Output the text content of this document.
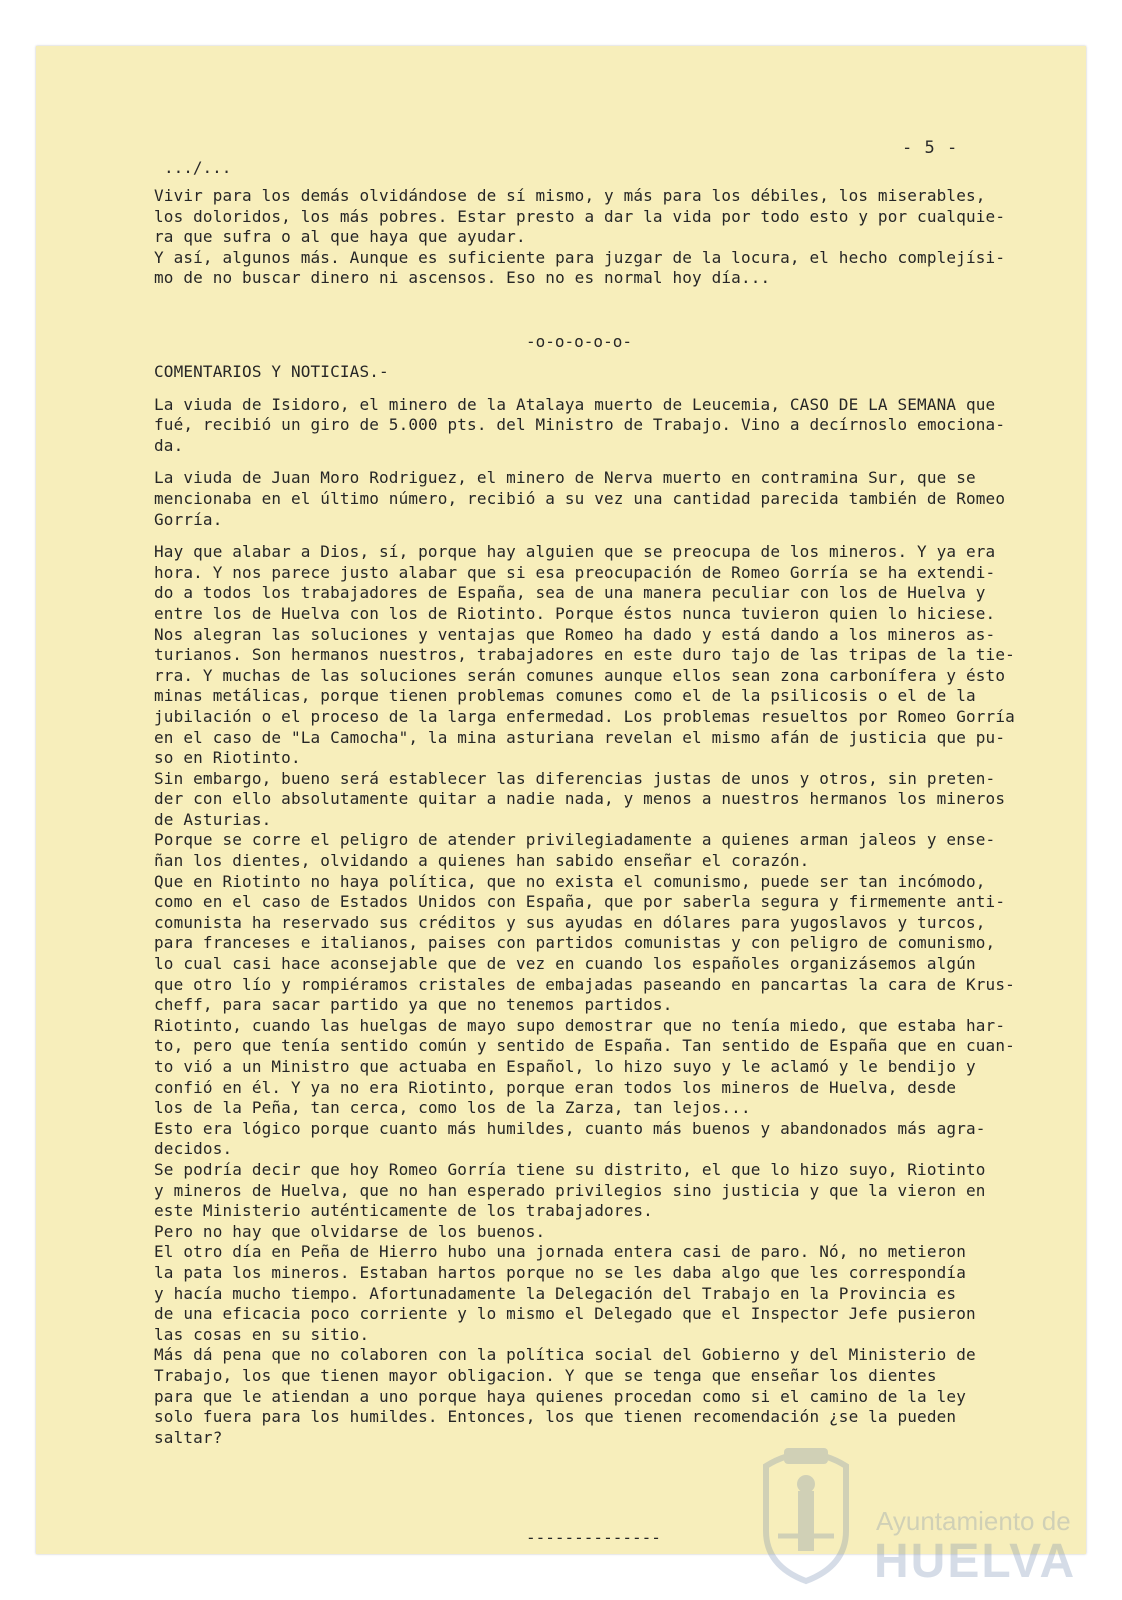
- 5 -
.../...
Vivir para los demás olvidándose de sí mismo, y más para los débiles, los miserables,
los doloridos, los más pobres. Estar presto a dar la vida por todo esto y por cualquie-
ra que sufra o al que haya que ayudar.
Y así, algunos más. Aunque es suficiente para juzgar de la locura, el hecho complejísi-
mo de no buscar dinero ni ascensos. Eso no es normal hoy día...
-o-o-o-o-o-
COMENTARIOS Y NOTICIAS.-
La viuda de Isidoro, el minero de la Atalaya muerto de Leucemia, CASO DE LA SEMANA que
fué, recibió un giro de 5.000 pts. del Ministro de Trabajo. Vino a decírnoslo emociona-
da.
La viuda de Juan Moro Rodriguez, el minero de Nerva muerto en contramina Sur, que se
mencionaba en el último número, recibió a su vez una cantidad parecida también de Romeo
Gorría.
Hay que alabar a Dios, sí, porque hay alguien que se preocupa de los mineros. Y ya era
hora. Y nos parece justo alabar que si esa preocupación de Romeo Gorría se ha extendi-
do a todos los trabajadores de España, sea de una manera peculiar con los de Huelva y
entre los de Huelva con los de Riotinto. Porque éstos nunca tuvieron quien lo hiciese.
Nos alegran las soluciones y ventajas que Romeo ha dado y está dando a los mineros as-
turianos. Son hermanos nuestros, trabajadores en este duro tajo de las tripas de la tie-
rra. Y muchas de las soluciones serán comunes aunque ellos sean zona carbonífera y ésto
minas metálicas, porque tienen problemas comunes como el de la psilicosis o el de la
jubilación o el proceso de la larga enfermedad. Los problemas resueltos por Romeo Gorría
en el caso de "La Camocha", la mina asturiana revelan el mismo afán de justicia que pu-
so en Riotinto.
Sin embargo, bueno será establecer las diferencias justas de unos y otros, sin preten-
der con ello absolutamente quitar a nadie nada, y menos a nuestros hermanos los mineros
de Asturias.
Porque se corre el peligro de atender privilegiadamente a quienes arman jaleos y ense-
ñan los dientes, olvidando a quienes han sabido enseñar el corazón.
Que en Riotinto no haya política, que no exista el comunismo, puede ser tan incómodo,
como en el caso de Estados Unidos con España, que por saberla segura y firmemente anti-
comunista ha reservado sus créditos y sus ayudas en dólares para yugoslavos y turcos,
para franceses e italianos, paises con partidos comunistas y con peligro de comunismo,
lo cual casi hace aconsejable que de vez en cuando los españoles organizásemos algún
que otro lío y rompiéramos cristales de embajadas paseando en pancartas la cara de Krus-
cheff, para sacar partido ya que no tenemos partidos.
Riotinto, cuando las huelgas de mayo supo demostrar que no tenía miedo, que estaba har-
to, pero que tenía sentido común y sentido de España. Tan sentido de España que en cuan-
to vió a un Ministro que actuaba en Español, lo hizo suyo y le aclamó y le bendijo y
confió en él. Y ya no era Riotinto, porque eran todos los mineros de Huelva, desde
los de la Peña, tan cerca, como los de la Zarza, tan lejos...
Esto era lógico porque cuanto más humildes, cuanto más buenos y abandonados más agra-
decidos.
Se podría decir que hoy Romeo Gorría tiene su distrito, el que lo hizo suyo, Riotinto
y mineros de Huelva, que no han esperado privilegios sino justicia y que la vieron en
este Ministerio auténticamente de los trabajadores.
Pero no hay que olvidarse de los buenos.
El otro día en Peña de Hierro hubo una jornada entera casi de paro. Nó, no metieron
la pata los mineros. Estaban hartos porque no se les daba algo que les correspondía
y hacía mucho tiempo. Afortunadamente la Delegación del Trabajo en la Provincia es
de una eficacia poco corriente y lo mismo el Delegado que el Inspector Jefe pusieron
las cosas en su sitio.
Más dá pena que no colaboren con la política social del Gobierno y del Ministerio de
Trabajo, los que tienen mayor obligacion. Y que se tenga que enseñar los dientes
para que le atiendan a uno porque haya quienes procedan como si el camino de la ley
solo fuera para los humildes. Entonces, los que tienen recomendación ¿se la pueden
saltar?
--------------
Ayuntamiento de
HUELVA
